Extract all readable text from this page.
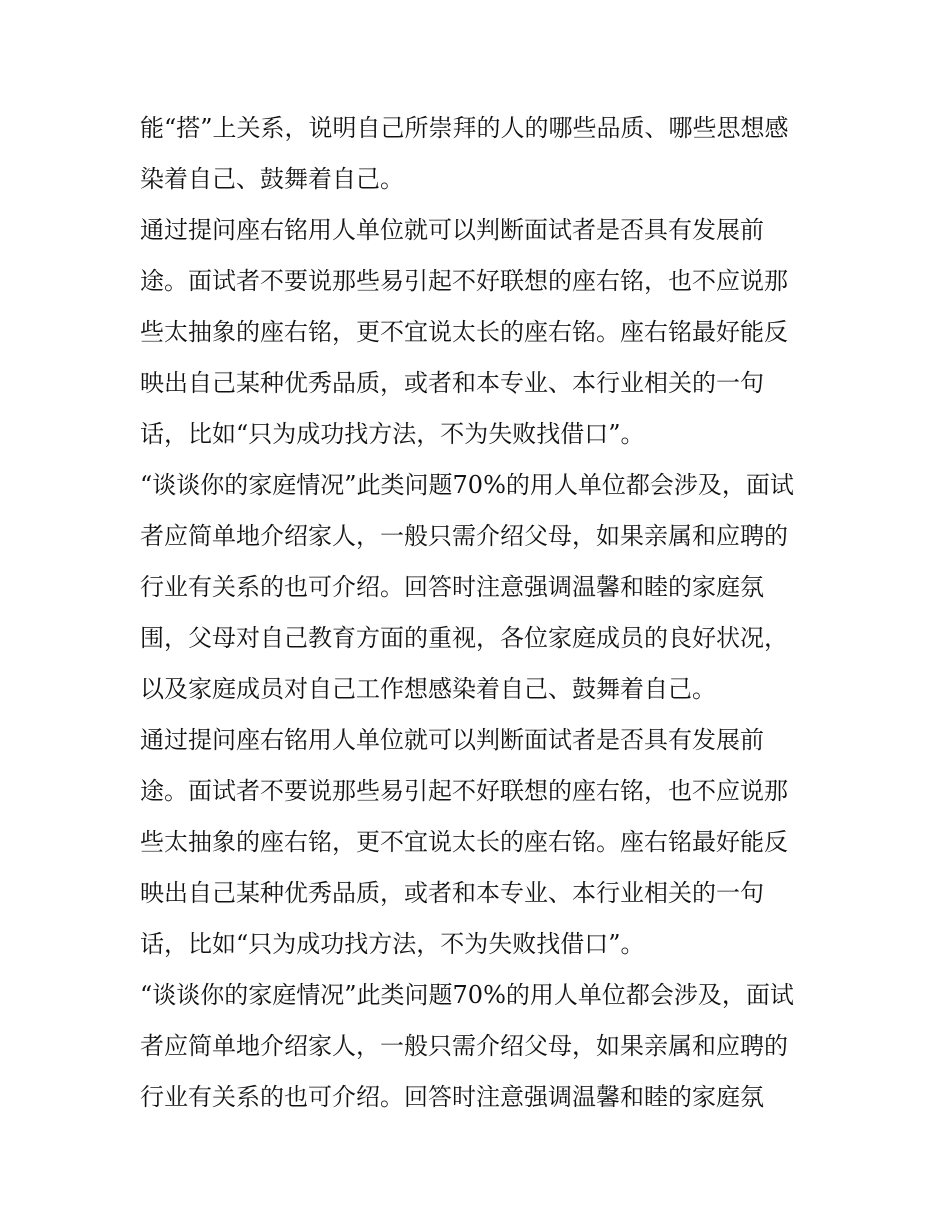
能“搭”上关系，说明自己所崇拜的人的哪些品质、哪些思想感
染着自己、鼓舞着自己。
通过提问座右铭用人单位就可以判断面试者是否具有发展前
途。面试者不要说那些易引起不好联想的座右铭，也不应说那
些太抽象的座右铭，更不宜说太长的座右铭。座右铭最好能反
映出自己某种优秀品质，或者和本专业、本行业相关的一句
话，比如“只为成功找方法，不为失败找借口”。
“谈谈你的家庭情况”此类问题70%的用人单位都会涉及，面试
者应简单地介绍家人，一般只需介绍父母，如果亲属和应聘的
行业有关系的也可介绍。回答时注意强调温馨和睦的家庭氛
围，父母对自己教育方面的重视，各位家庭成员的良好状况，
以及家庭成员对自己工作想感染着自己、鼓舞着自己。
通过提问座右铭用人单位就可以判断面试者是否具有发展前
途。面试者不要说那些易引起不好联想的座右铭，也不应说那
些太抽象的座右铭，更不宜说太长的座右铭。座右铭最好能反
映出自己某种优秀品质，或者和本专业、本行业相关的一句
话，比如“只为成功找方法，不为失败找借口”。
“谈谈你的家庭情况”此类问题70%的用人单位都会涉及，面试
者应简单地介绍家人，一般只需介绍父母，如果亲属和应聘的
行业有关系的也可介绍。回答时注意强调温馨和睦的家庭氛
